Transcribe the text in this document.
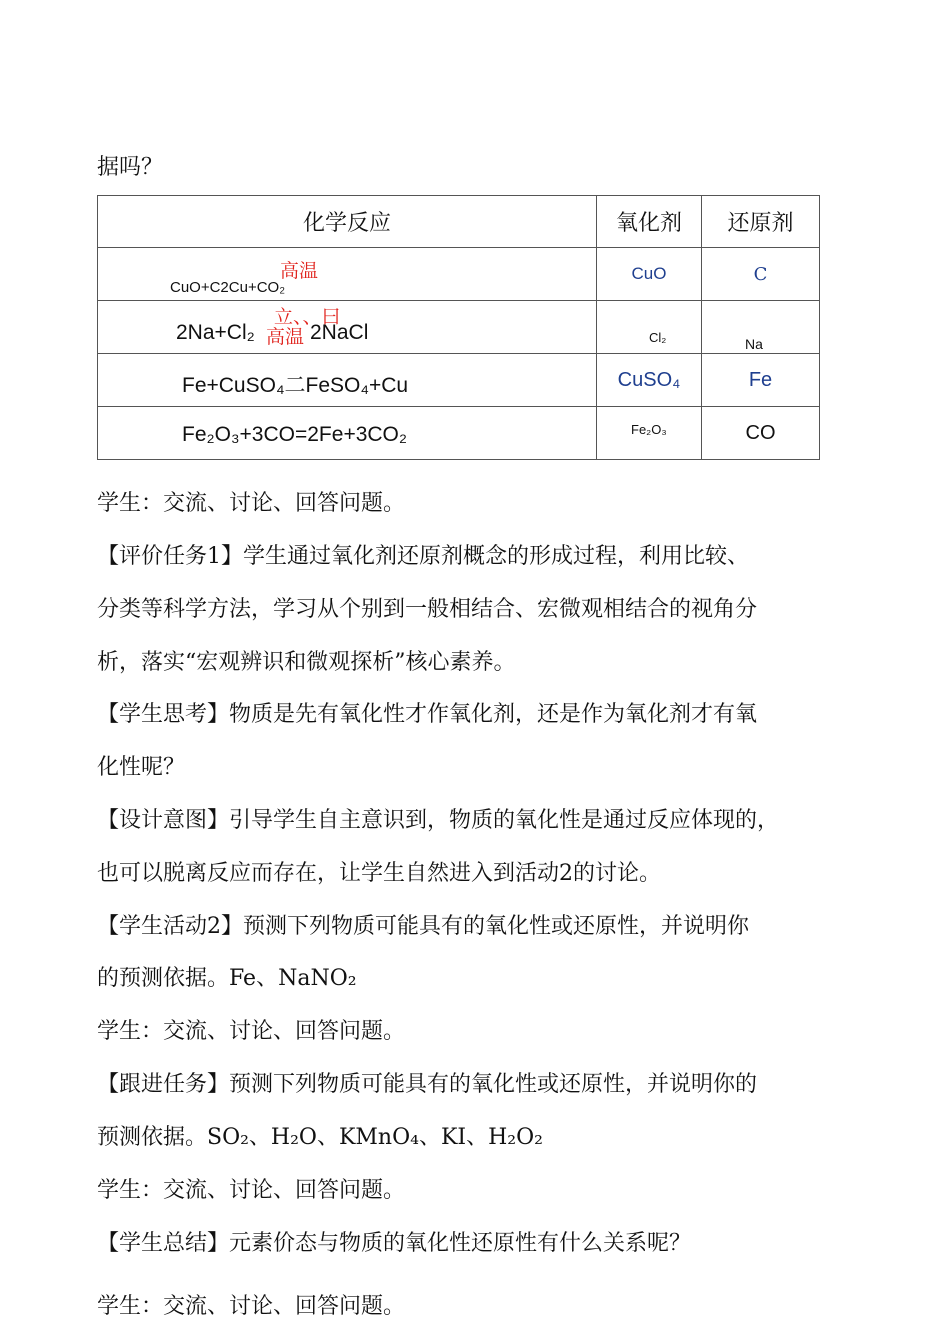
据吗？
化学反应	氧化剂	还原剂

高温
CuO+C2Cu+CO₂	CuO	C

立、、曰
2Na+Cl₂ 高温 2NaCl	Cl₂	Na

Fe+CuSO₄二FeSO₄+Cu	CuSO₄	Fe

Fe₂O₃+3CO=2Fe+3CO₂	Fe₂O₃	CO
学生：交流、讨论、回答问题。
【评价任务1】学生通过氧化剂还原剂概念的形成过程，利用比较、
分类等科学方法，学习从个别到一般相结合、宏微观相结合的视角分
析，落实“宏观辨识和微观探析”核心素养。
【学生思考】物质是先有氧化性才作氧化剂，还是作为氧化剂才有氧
化性呢？
【设计意图】引导学生自主意识到，物质的氧化性是通过反应体现的，
也可以脱离反应而存在，让学生自然进入到活动2的讨论。
【学生活动2】预测下列物质可能具有的氧化性或还原性，并说明你
的预测依据。Fe、NaNO₂
学生：交流、讨论、回答问题。
【跟进任务】预测下列物质可能具有的氧化性或还原性，并说明你的
预测依据。SO₂、H₂O、KMnO₄、KI、H₂O₂
学生：交流、讨论、回答问题。
【学生总结】元素价态与物质的氧化性还原性有什么关系呢？
学生：交流、讨论、回答问题。
